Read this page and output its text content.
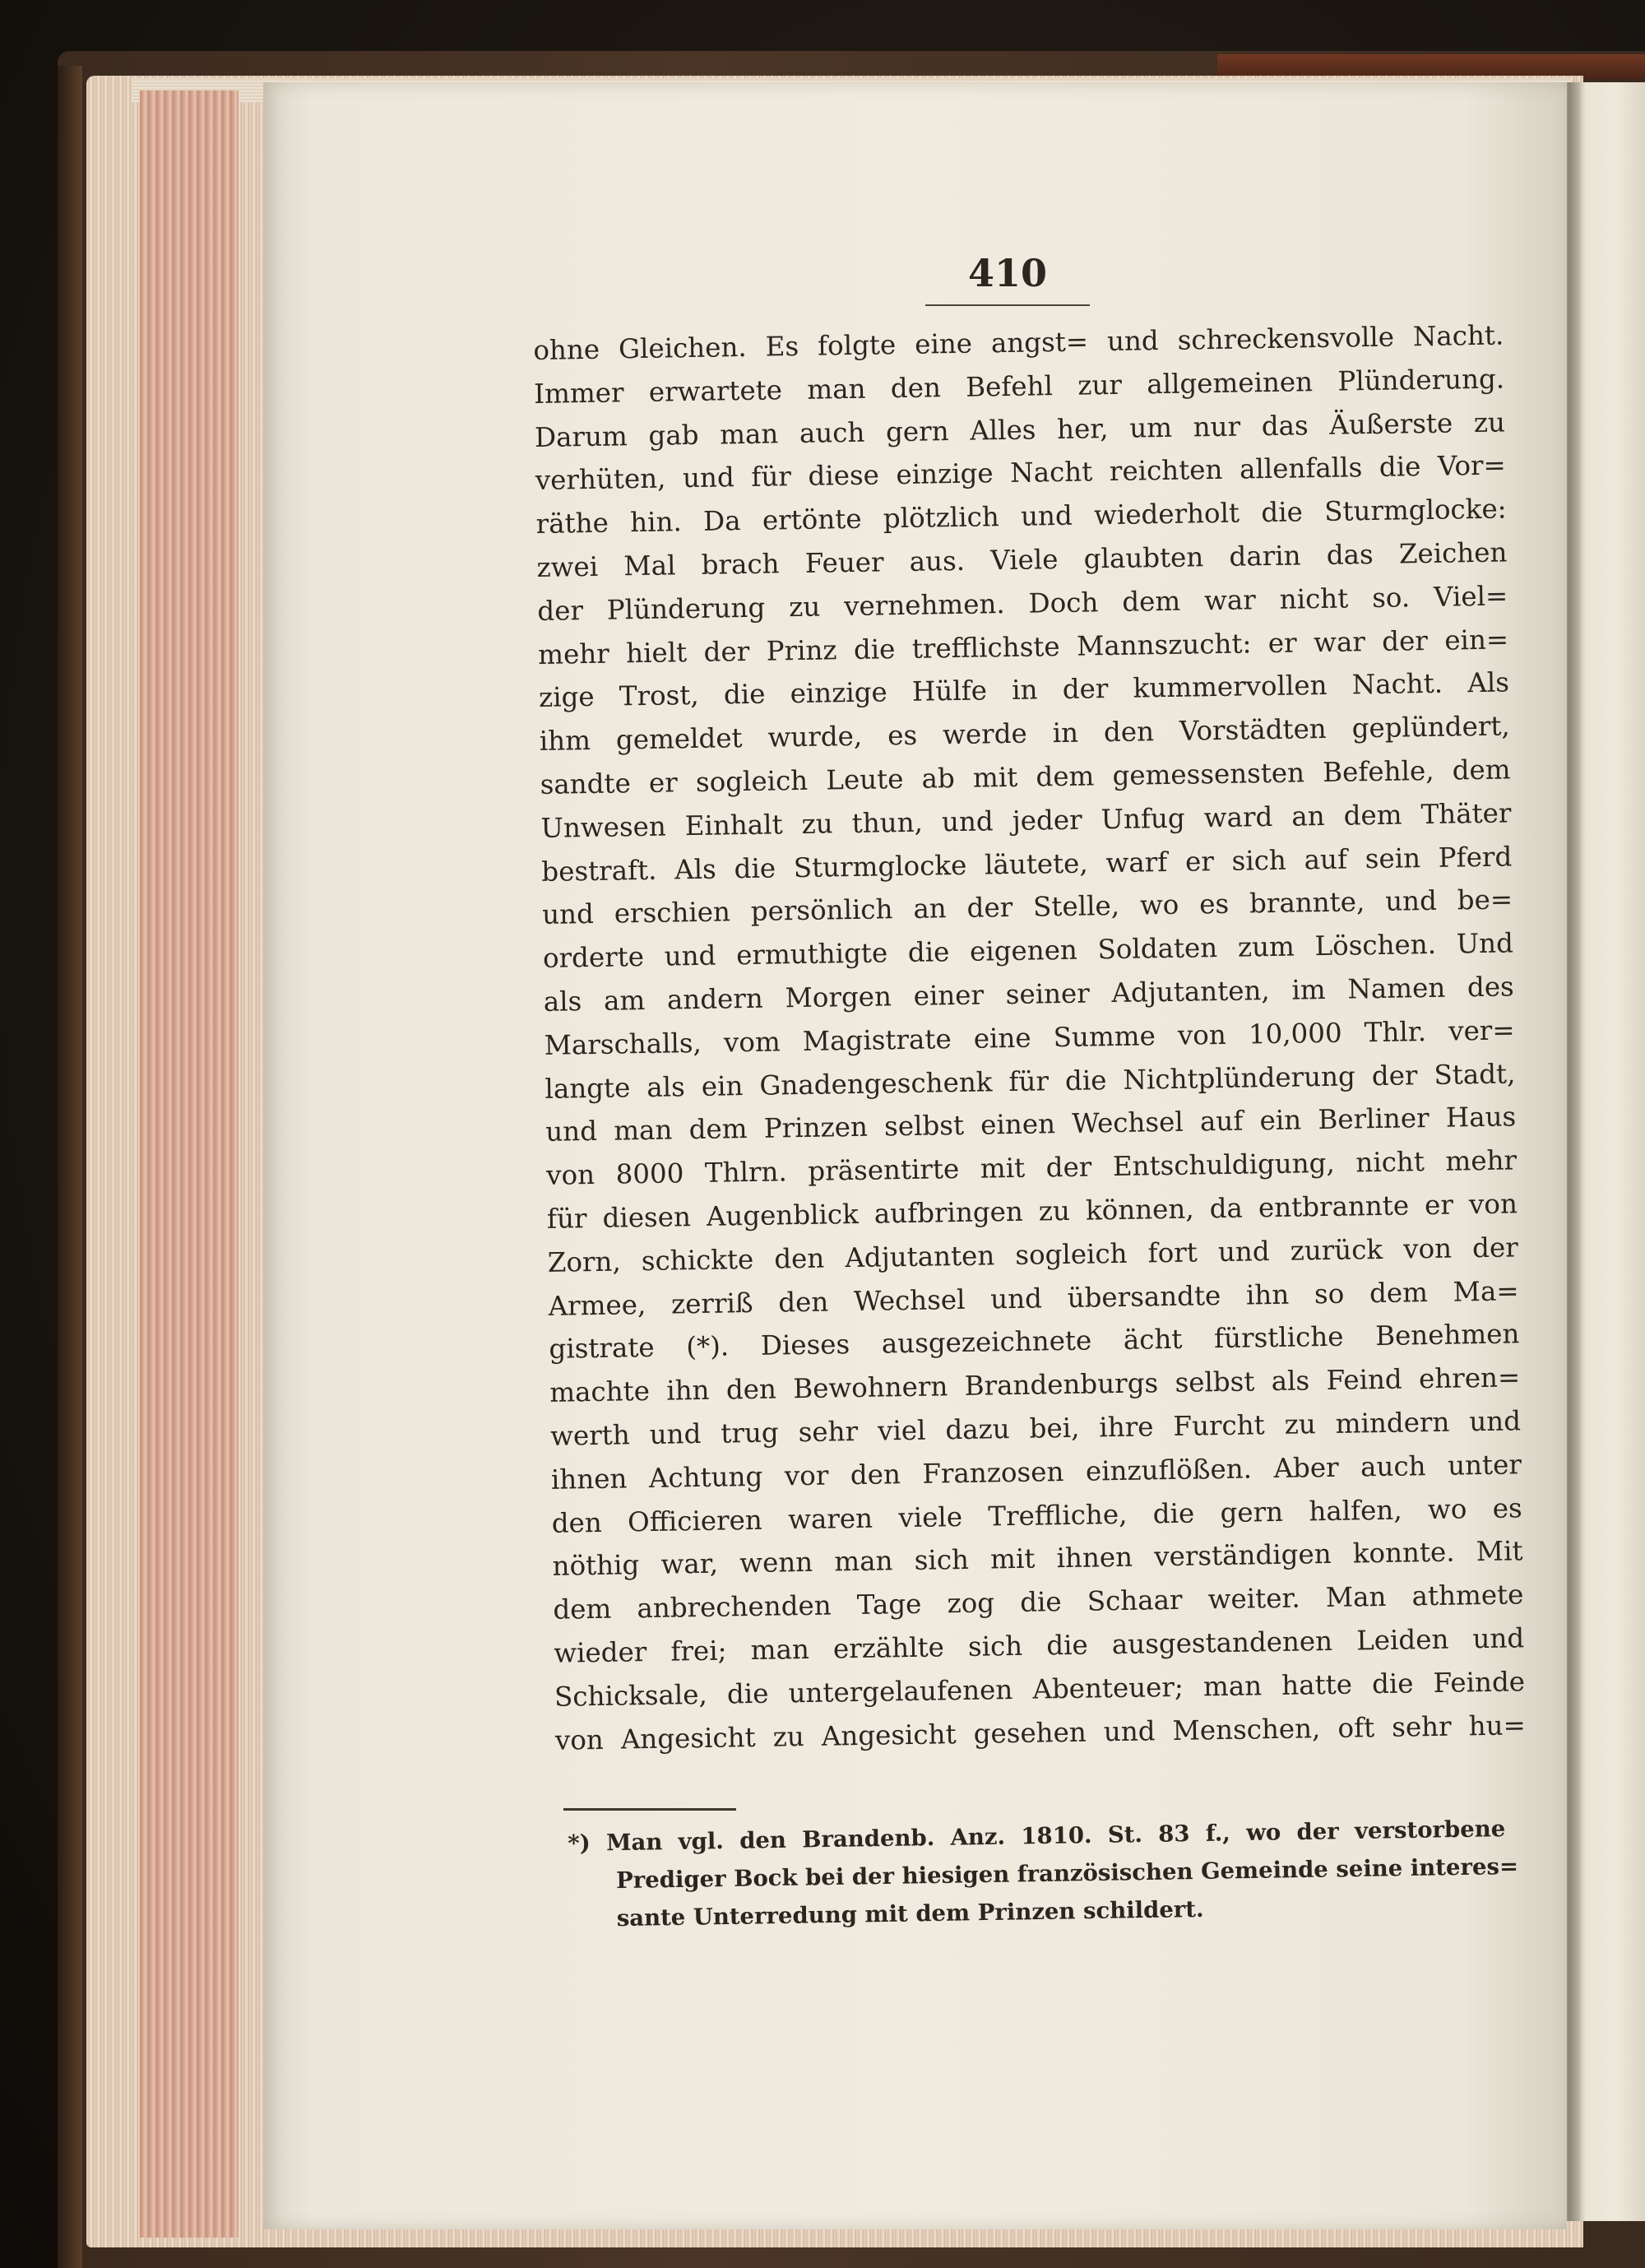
410
ohne Gleichen. Es folgte eine angst= und schreckensvolle Nacht.
Immer erwartete man den Befehl zur allgemeinen Plünderung.
Darum gab man auch gern Alles her, um nur das Äußerste zu
verhüten, und für diese einzige Nacht reichten allenfalls die Vor=
räthe hin. Da ertönte plötzlich und wiederholt die Sturmglocke:
zwei Mal brach Feuer aus. Viele glaubten darin das Zeichen
der Plünderung zu vernehmen. Doch dem war nicht so. Viel=
mehr hielt der Prinz die trefflichste Mannszucht: er war der ein=
zige Trost, die einzige Hülfe in der kummervollen Nacht. Als
ihm gemeldet wurde, es werde in den Vorstädten geplündert,
sandte er sogleich Leute ab mit dem gemessensten Befehle, dem
Unwesen Einhalt zu thun, und jeder Unfug ward an dem Thäter
bestraft. Als die Sturmglocke läutete, warf er sich auf sein Pferd
und erschien persönlich an der Stelle, wo es brannte, und be=
orderte und ermuthigte die eigenen Soldaten zum Löschen. Und
als am andern Morgen einer seiner Adjutanten, im Namen des
Marschalls, vom Magistrate eine Summe von 10,000 Thlr. ver=
langte als ein Gnadengeschenk für die Nichtplünderung der Stadt,
und man dem Prinzen selbst einen Wechsel auf ein Berliner Haus
von 8000 Thlrn. präsentirte mit der Entschuldigung, nicht mehr
für diesen Augenblick aufbringen zu können, da entbrannte er von
Zorn, schickte den Adjutanten sogleich fort und zurück von der
Armee, zerriß den Wechsel und übersandte ihn so dem Ma=
gistrate (*). Dieses ausgezeichnete ächt fürstliche Benehmen
machte ihn den Bewohnern Brandenburgs selbst als Feind ehren=
werth und trug sehr viel dazu bei, ihre Furcht zu mindern und
ihnen Achtung vor den Franzosen einzuflößen. Aber auch unter
den Officieren waren viele Treffliche, die gern halfen, wo es
nöthig war, wenn man sich mit ihnen verständigen konnte. Mit
dem anbrechenden Tage zog die Schaar weiter. Man athmete
wieder frei; man erzählte sich die ausgestandenen Leiden und
Schicksale, die untergelaufenen Abenteuer; man hatte die Feinde
von Angesicht zu Angesicht gesehen und Menschen, oft sehr hu=
*) Man vgl. den Brandenb. Anz. 1810. St. 83 f., wo der verstorbene
Prediger Bock bei der hiesigen französischen Gemeinde seine interes=
sante Unterredung mit dem Prinzen schildert.
